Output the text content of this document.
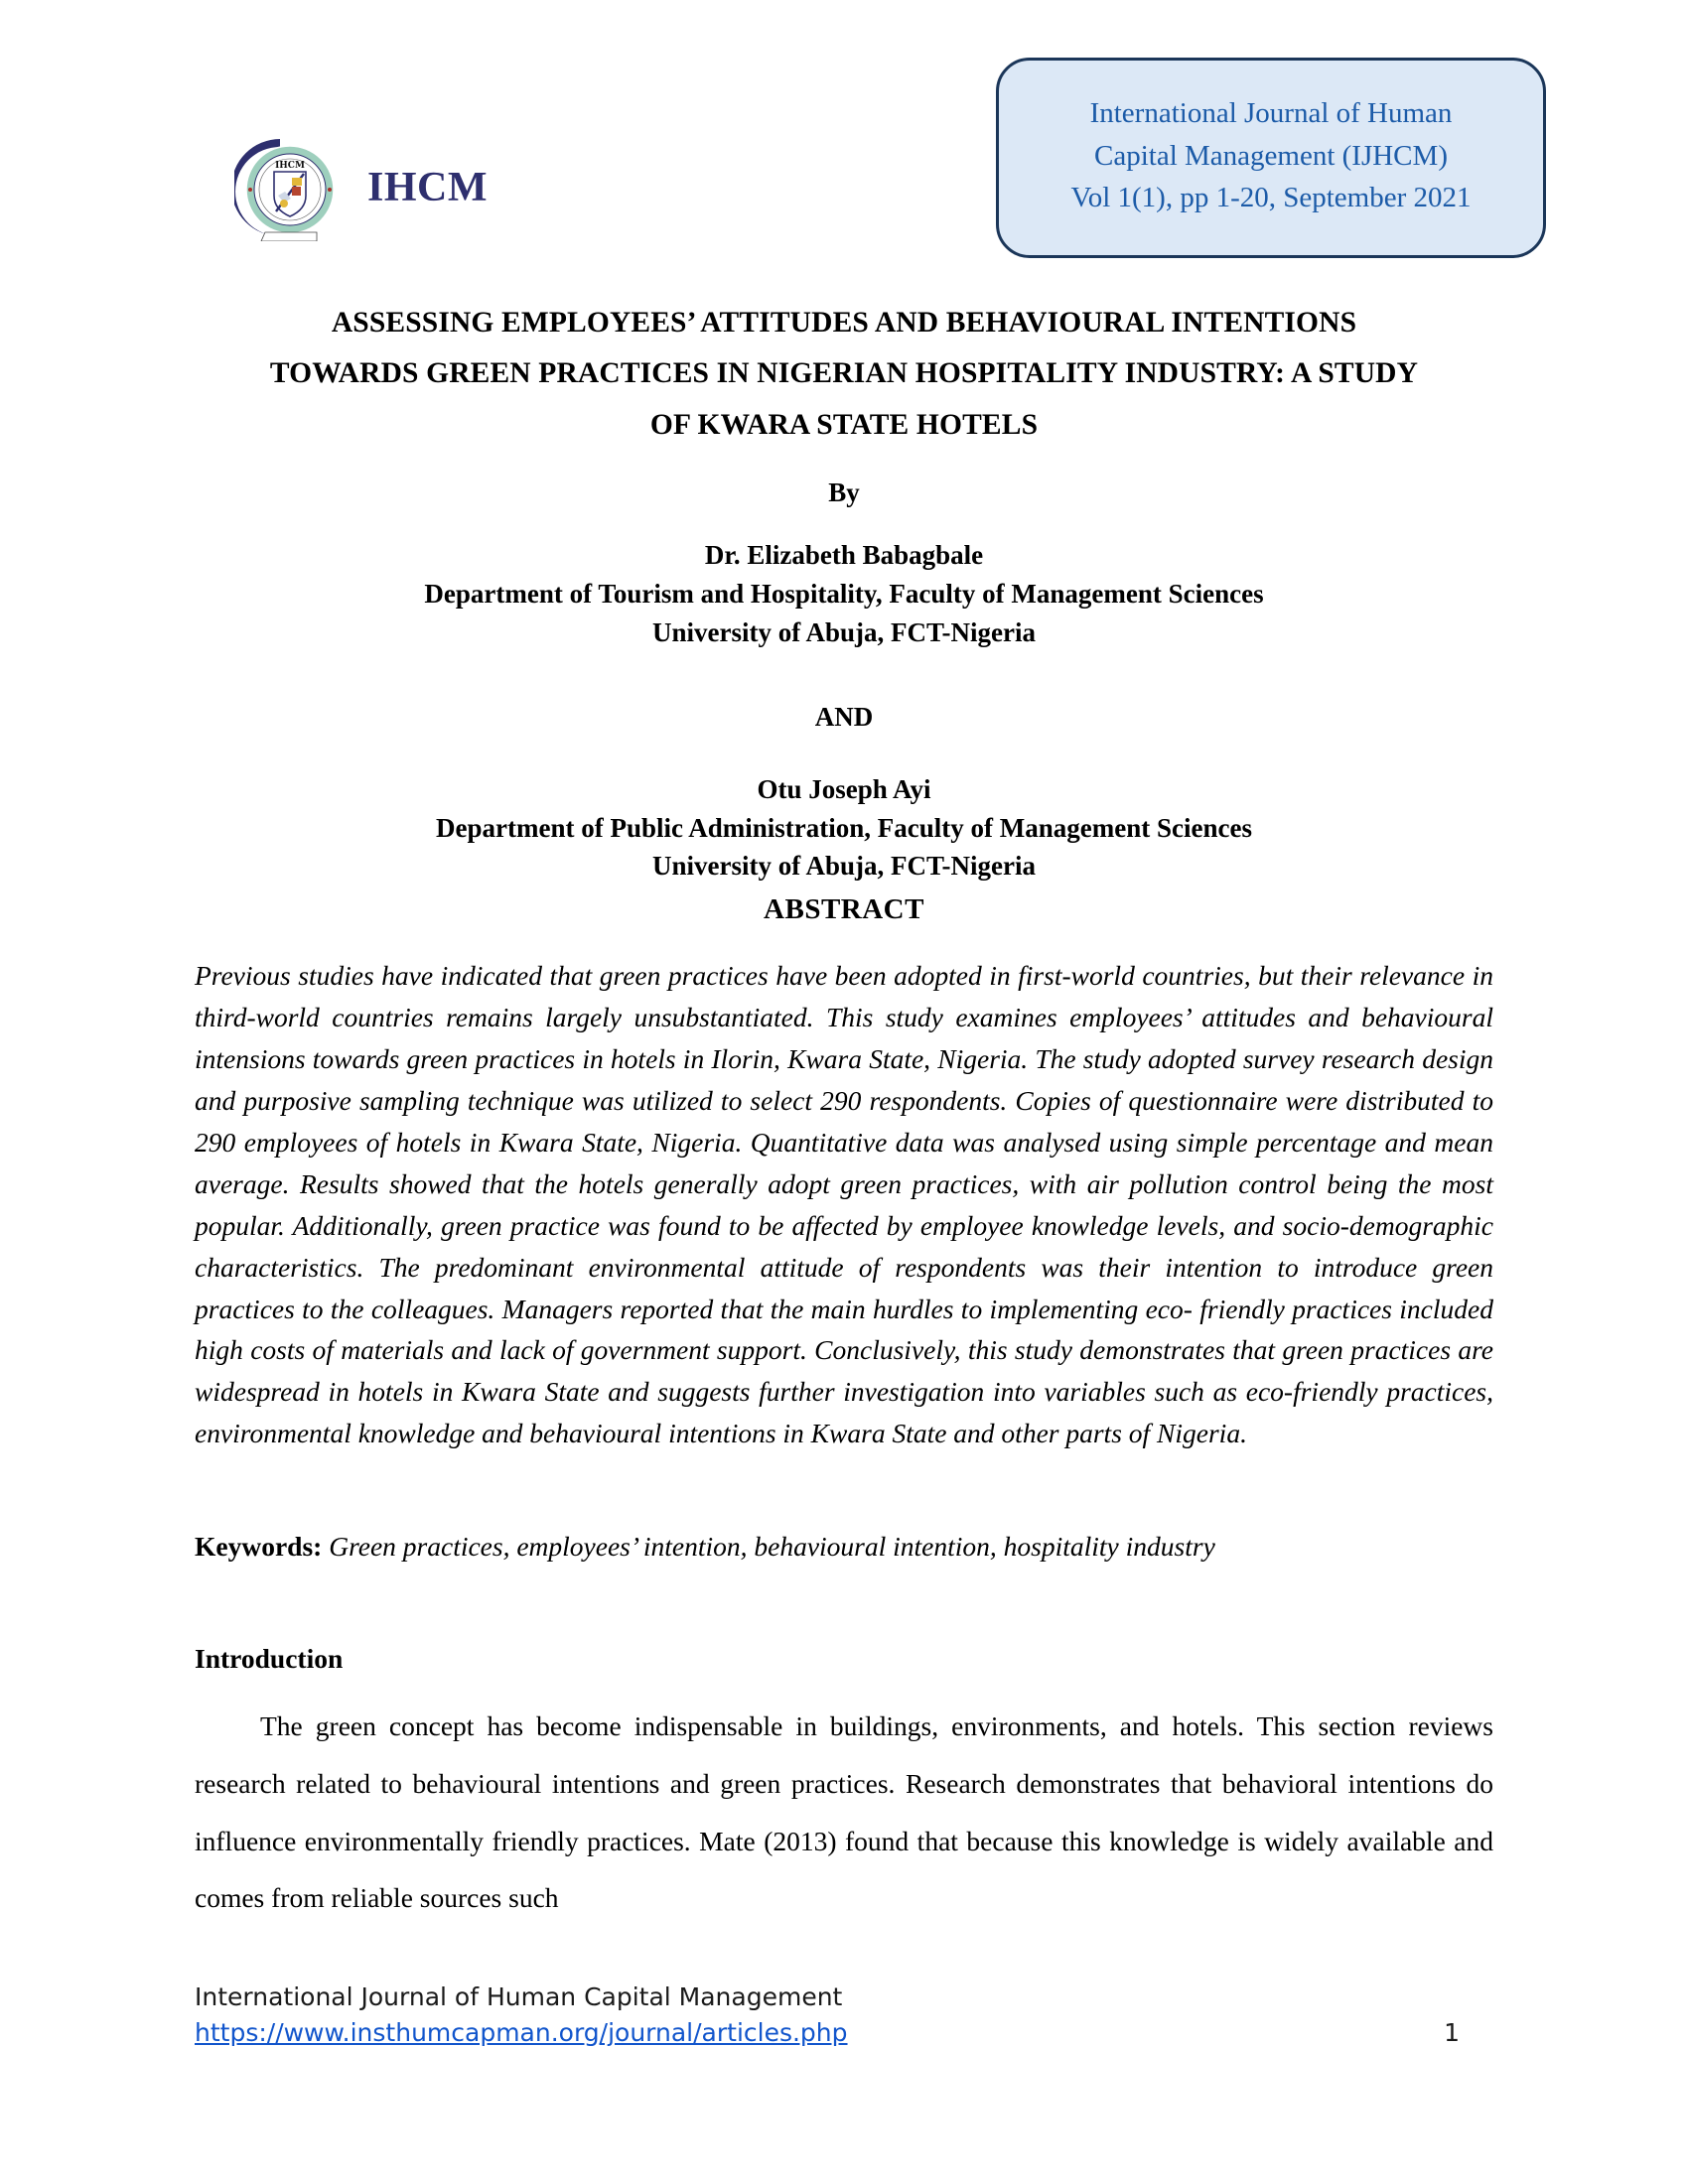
IHCM IHCM
International Journal of Human
Capital Management (IJHCM)
Vol 1(1), pp 1-20, September 2021
ASSESSING EMPLOYEES’ ATTITUDES AND BEHAVIOURAL INTENTIONS
TOWARDS GREEN PRACTICES IN NIGERIAN HOSPITALITY INDUSTRY: A STUDY
OF KWARA STATE HOTELS
By
Dr. Elizabeth Babagbale
Department of Tourism and Hospitality, Faculty of Management Sciences
University of Abuja, FCT-Nigeria
AND
Otu Joseph Ayi
Department of Public Administration, Faculty of Management Sciences
University of Abuja, FCT-Nigeria
ABSTRACT
Previous studies have indicated that green practices have been adopted in first-world countries, but their relevance in third-world countries remains largely unsubstantiated. This study examines employees’ attitudes and behavioural intensions towards green practices in hotels in Ilorin, Kwara State, Nigeria. The study adopted survey research design and purposive sampling technique was utilized to select 290 respondents. Copies of questionnaire were distributed to 290 employees of hotels in Kwara State, Nigeria. Quantitative data was analysed using simple percentage and mean average. Results showed that the hotels generally adopt green practices, with air pollution control being the most popular. Additionally, green practice was found to be affected by employee knowledge levels, and socio-demographic characteristics. The predominant environmental attitude of respondents was their intention to introduce green practices to the colleagues. Managers reported that the main hurdles to implementing eco- friendly practices included high costs of materials and lack of government support. Conclusively, this study demonstrates that green practices are widespread in hotels in Kwara State and suggests further investigation into variables such as eco-friendly practices, environmental knowledge and behavioural intentions in Kwara State and other parts of Nigeria.
Keywords: Green practices, employees’ intention, behavioural intention, hospitality industry
Introduction
The green concept has become indispensable in buildings, environments, and hotels. This section reviews research related to behavioural intentions and green practices. Research demonstrates that behavioral intentions do influence environmentally friendly practices. Mate (2013) found that because this knowledge is widely available and comes from reliable sources such
International Journal of Human Capital Management
https://www.insthumcapman.org/journal/articles.php	1
